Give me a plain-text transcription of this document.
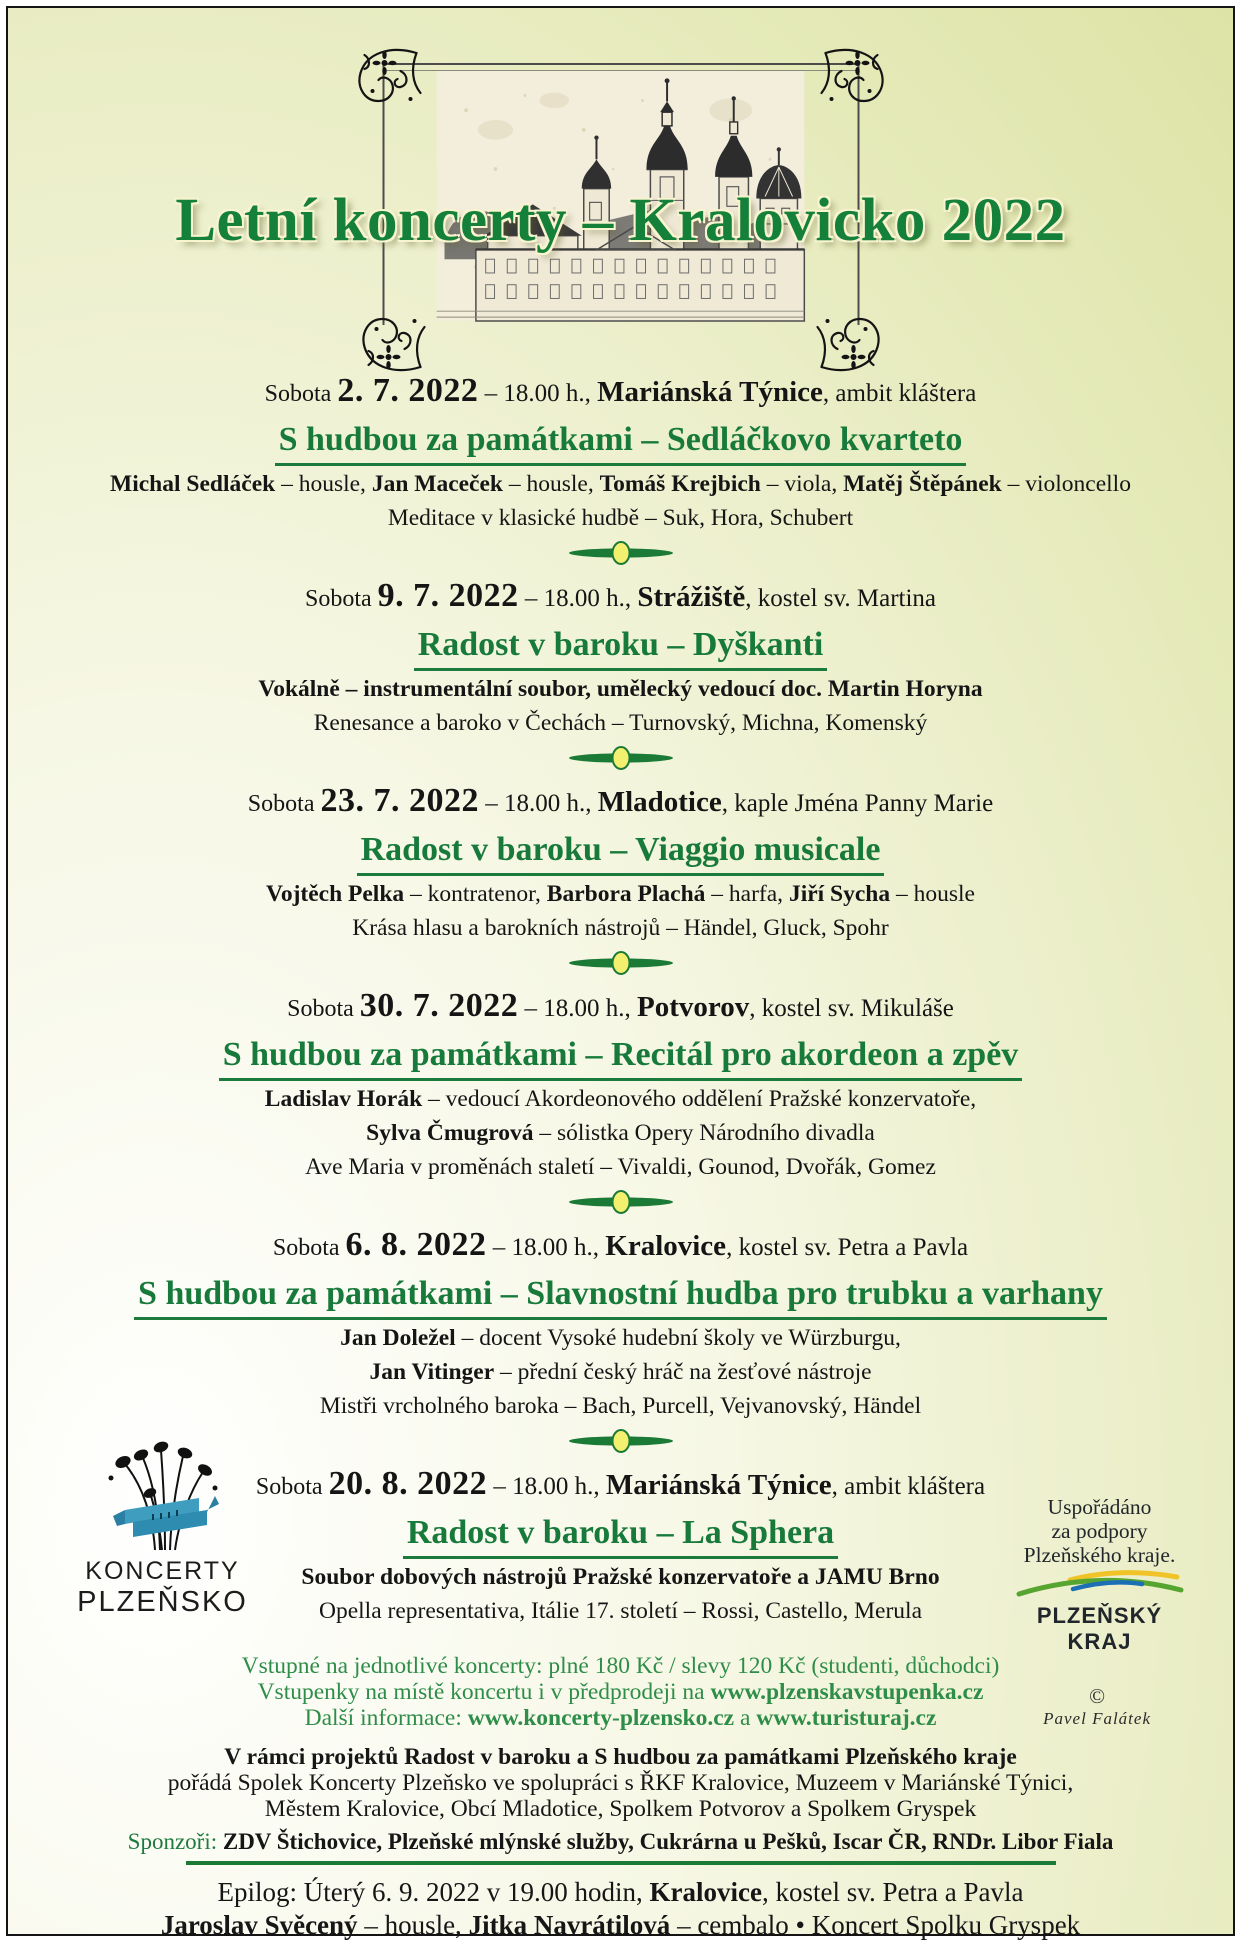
Letní koncerty – Kralovicko 2022

Sobota 2. 7. 2022 – 18.00 h., Mariánská Týnice, ambit kláštera

S hudbou za památkami – Sedláčkovo kvarteto

Michal Sedláček – housle, Jan Maceček – housle, Tomáš Krejbich – viola, Matěj Štěpánek – violoncello

Meditace v klasické hudbě – Suk, Hora, Schubert

Sobota 9. 7. 2022 – 18.00 h., Strážiště, kostel sv. Martina

Radost v baroku – Dyškanti

Vokálně – instrumentální soubor, umělecký vedoucí doc. Martin Horyna

Renesance a baroko v Čechách – Turnovský, Michna, Komenský

Sobota 23. 7. 2022 – 18.00 h., Mladotice, kaple Jména Panny Marie

Radost v baroku – Viaggio musicale

Vojtěch Pelka – kontratenor, Barbora Plachá – harfa, Jiří Sycha – housle

Krása hlasu a barokních nástrojů – Händel, Gluck, Spohr

Sobota 30. 7. 2022 – 18.00 h., Potvorov, kostel sv. Mikuláše

S hudbou za památkami – Recitál pro akordeon a zpěv

Ladislav Horák – vedoucí Akordeonového oddělení Pražské konzervatoře,

Sylva Čmugrová – sólistka Opery Národního divadla

Ave Maria v proměnách staletí – Vivaldi, Gounod, Dvořák, Gomez

Sobota 6. 8. 2022 – 18.00 h., Kralovice, kostel sv. Petra a Pavla

S hudbou za památkami – Slavnostní hudba pro trubku a varhany

Jan Doležel – docent Vysoké hudební školy ve Würzburgu,

Jan Vitinger – přední český hráč na žesťové nástroje

Mistři vrcholného baroka – Bach, Purcell, Vejvanovský, Händel

Sobota 20. 8. 2022 – 18.00 h., Mariánská Týnice, ambit kláštera

Radost v baroku – La Sphera

Soubor dobových nástrojů Pražské konzervatoře a JAMU Brno

Opella representativa, Itálie 17. století – Rossi, Castello, Merula

Vstupné na jednotlivé koncerty: plné 180 Kč / slevy 120 Kč (studenti, důchodci)

Vstupenky na místě koncertu i v předprodeji na www.plzenskavstupenka.cz

Další informace: www.koncerty-plzensko.cz a www.turisturaj.cz

V rámci projektů Radost v baroku a S hudbou za památkami Plzeňského kraje

pořádá Spolek Koncerty Plzeňsko ve spolupráci s ŘKF Kralovice, Muzeem v Mariánské Týnici,

Městem Kralovice, Obcí Mladotice, Spolkem Potvorov a Spolkem Gryspek

Sponzoři: ZDV Štichovice, Plzeňské mlýnské služby, Cukrárna u Pešků, Iscar ČR, RNDr. Libor Fiala

Epilog: Úterý 6. 9. 2022 v 19.00 hodin, Kralovice, kostel sv. Petra a Pavla

Jaroslav Svěcený – housle, Jitka Navrátilová – cembalo • Koncert Spolku Gryspek

KONCERTY
PLZEŇSKO
Uspořádáno
za podpory
Plzeňského kraje.
PLZEŇSKÝ KRAJ
©
Pavel Falátek
